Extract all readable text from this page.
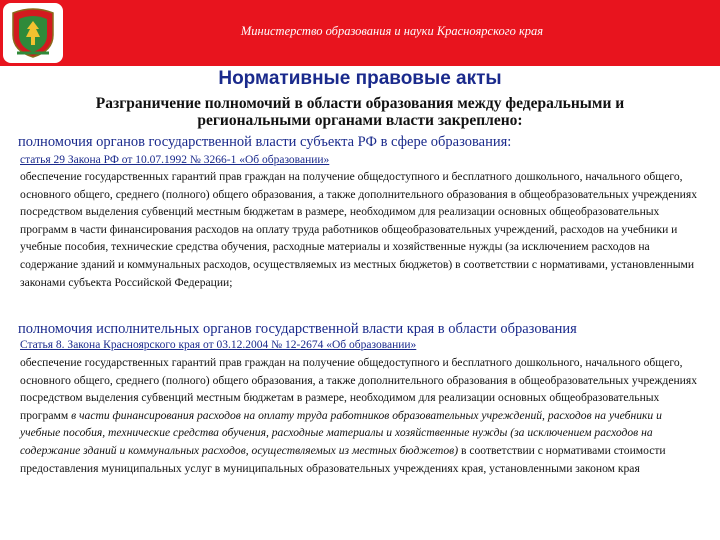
Министерство образования и науки Красноярского края
Нормативные правовые акты
Разграничение полномочий в области образования между федеральными и
региональными органами власти закреплено:
полномочия органов государственной власти субъекта РФ в сфере образования:
статья 29 Закона РФ от 10.07.1992 № 3266-1 «Об образовании»
обеспечение государственных гарантий прав граждан на получение общедоступного и бесплатного дошкольного, начального общего, основного общего, среднего (полного) общего образования, а также дополнительного образования в общеобразовательных учреждениях посредством выделения субвенций местным бюджетам в размере, необходимом для реализации основных общеобразовательных программ в части финансирования расходов на оплату труда работников общеобразовательных учреждений, расходов на учебники и учебные пособия, технические средства обучения, расходные материалы и хозяйственные нужды (за исключением расходов на содержание зданий и коммунальных расходов, осуществляемых из местных бюджетов) в соответствии с нормативами, установленными законами субъекта Российской Федерации;
полномочия исполнительных органов государственной власти края в области образования
Статья 8. Закона Красноярского края от 03.12.2004 № 12-2674 «Об образовании»
обеспечение государственных гарантий прав граждан на получение общедоступного и бесплатного дошкольного, начального общего, основного общего, среднего (полного) общего образования, а также дополнительного образования в общеобразовательных учреждениях посредством выделения субвенций местным бюджетам в размере, необходимом для реализации основных общеобразовательных программ в части финансирования расходов на оплату труда работников образовательных учреждений, расходов на учебники и учебные пособия, технические средства обучения, расходные материалы и хозяйственные нужды (за исключением расходов на содержание зданий и коммунальных расходов, осуществляемых из местных бюджетов) в соответствии с нормативами стоимости предоставления муниципальных услуг в муниципальных образовательных учреждениях края, установленными законом края
